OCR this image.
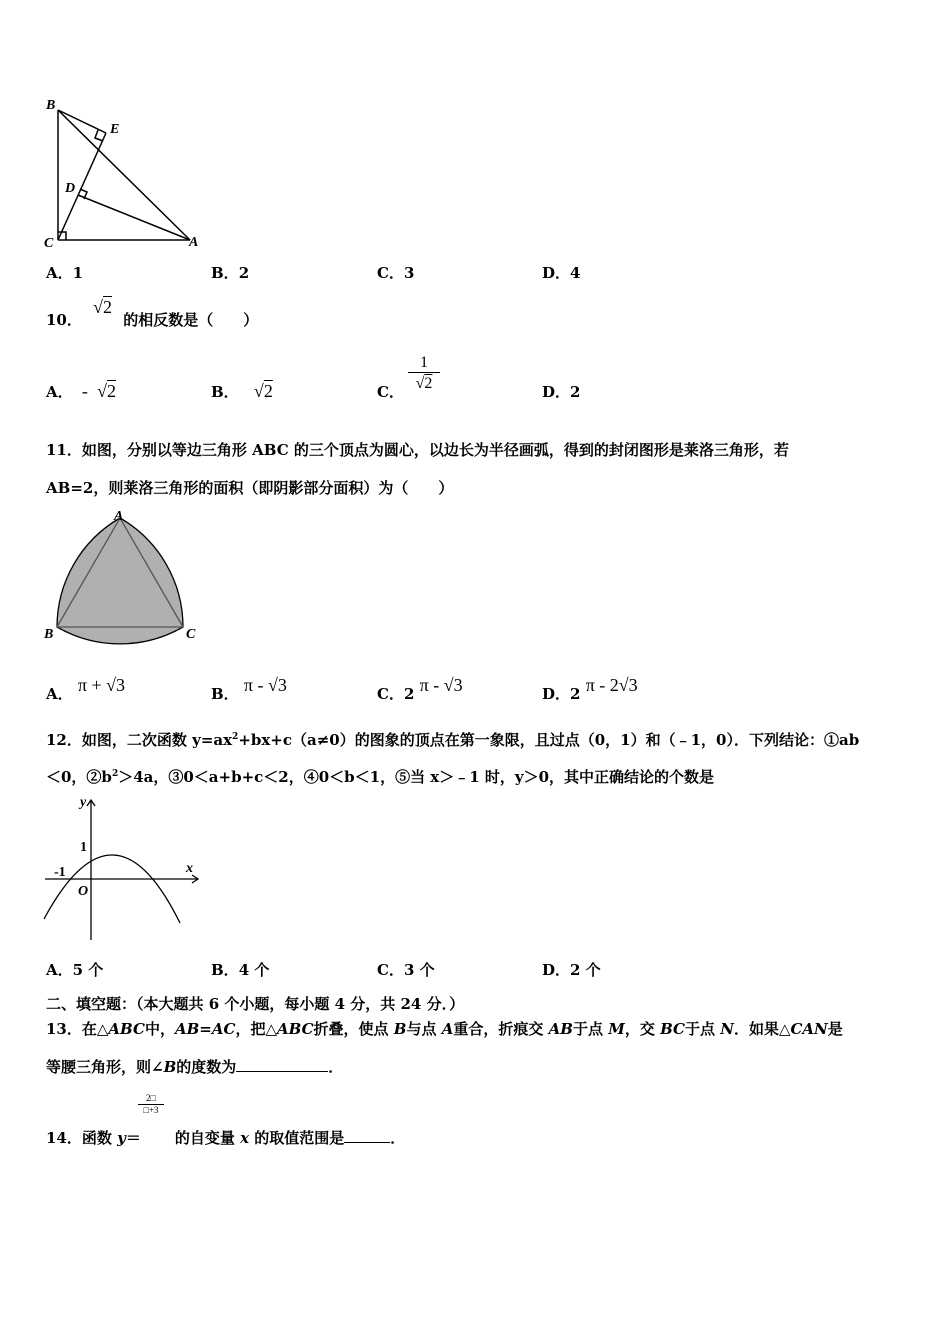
B
E
D
C	A
A．1	B．2	C．3	D．4
10． √2 的相反数是（　　）
A． - √2	B． √2	C．
1
√2	D．2
11．如图，分别以等边三角形 ABC 的三个顶点为圆心，以边长为半径画弧，得到的封闭图形是莱洛三角形，若
AB=2，则莱洛三角形的面积（即阴影部分面积）为（　　）
A
B	C
A． π + √3	B． π - √3	C．2 π - √3	D．2 π - 2√3
12．如图，二次函数 $y=ax^2+bx+c(a\ne 0)$的图象的顶点在第一象限，且过点（0，1）和（﹣1，0）．下列结论：①ab
＜0，$②b^2>4a$，③0＜a+b+c＜2，④0＜b＜1，⑤当 x＞﹣1 时，y＞0，其中正确结论的个数是
y
x
1
-1
O
A．5 个	B．4 个	C．3 个	D．2 个
二、填空题：（本大题共 6 个小题，每小题 4 分，共 24 分．）
13．在△ABC中，AB=AC，把△ABC折叠，使点 B与点 A重合，折痕交 AB于点 M，交 BC于点 N．如果△CAN是
等腰三角形，则∠B的度数为	．
2□
□+3
14．函数 y＝ 的自变量 x 的取值范围是	．
